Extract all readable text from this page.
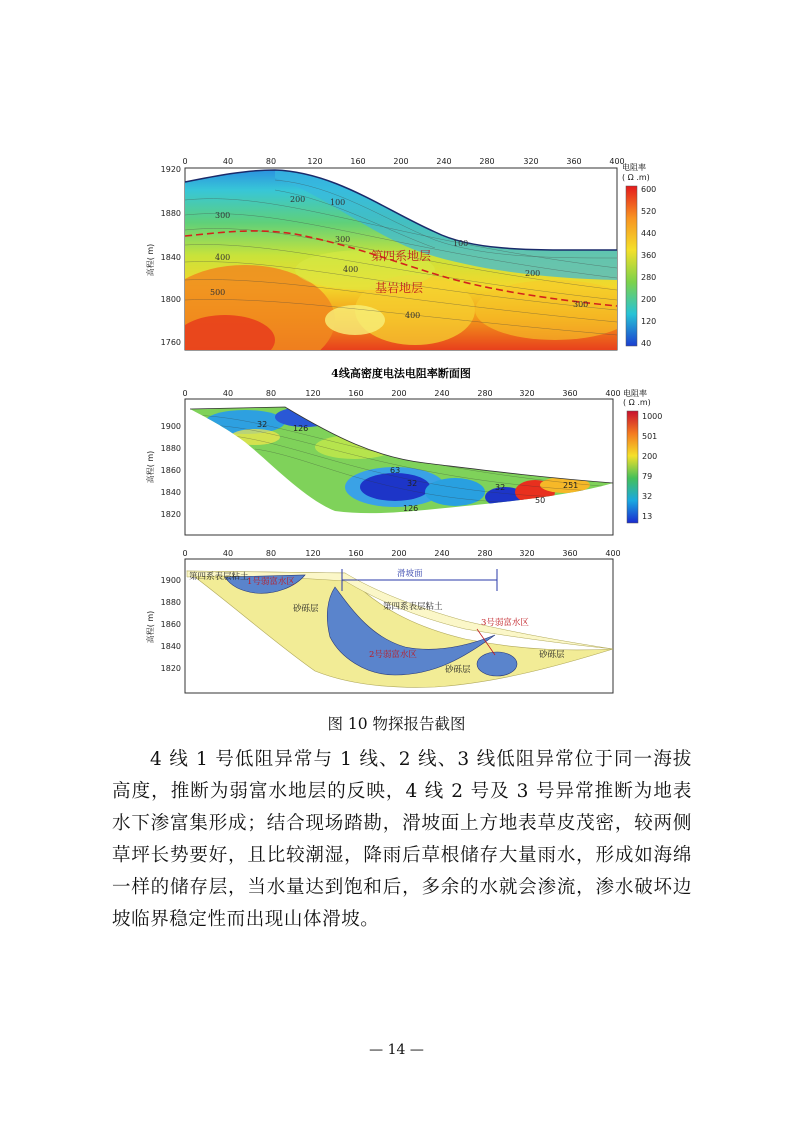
0	40	80	120	160	200	240	280	320	360	400
1920
1880
1840
1800
1760
高程( m)
200	100
300
300	100
400
400	200
500
400
300
第四系地层
基岩地层
电阻率
( Ω .m)
600
520
440
360
280
200
120
40
4线高密度电法电阻率断面图
0	40	80	120	160	200	240	280	320	360	400
1900
1880
1860
1840
1820
高程( m)
32	126
63
32
126
251
32
50
电阻率
( Ω .m)
1000
501
200
79
32
13
0	40	80	120	160	200	240	280	320	360	400
1900
1880
1860
1840
1820
高程( m)
第四系表层粘土
1号弱富水区
滑坡面
第四系表层粘土
砂砾层
3号弱富水区
2号弱富水区
砂砾层
砂砾层
图 10 物探报告截图

4 线 1 号低阻异常与 1 线、2 线、3 线低阻异常位于同一海拔高度，推断为弱富水地层的反映，4 线 2 号及 3 号异常推断为地表水下渗富集形成；结合现场踏勘，滑坡面上方地表草皮茂密，较两侧草坪长势要好，且比较潮湿，降雨后草根储存大量雨水，形成如海绵一样的储存层，当水量达到饱和后，多余的水就会渗流，渗水破坏边坡临界稳定性而出现山体滑坡。

— 14 —
